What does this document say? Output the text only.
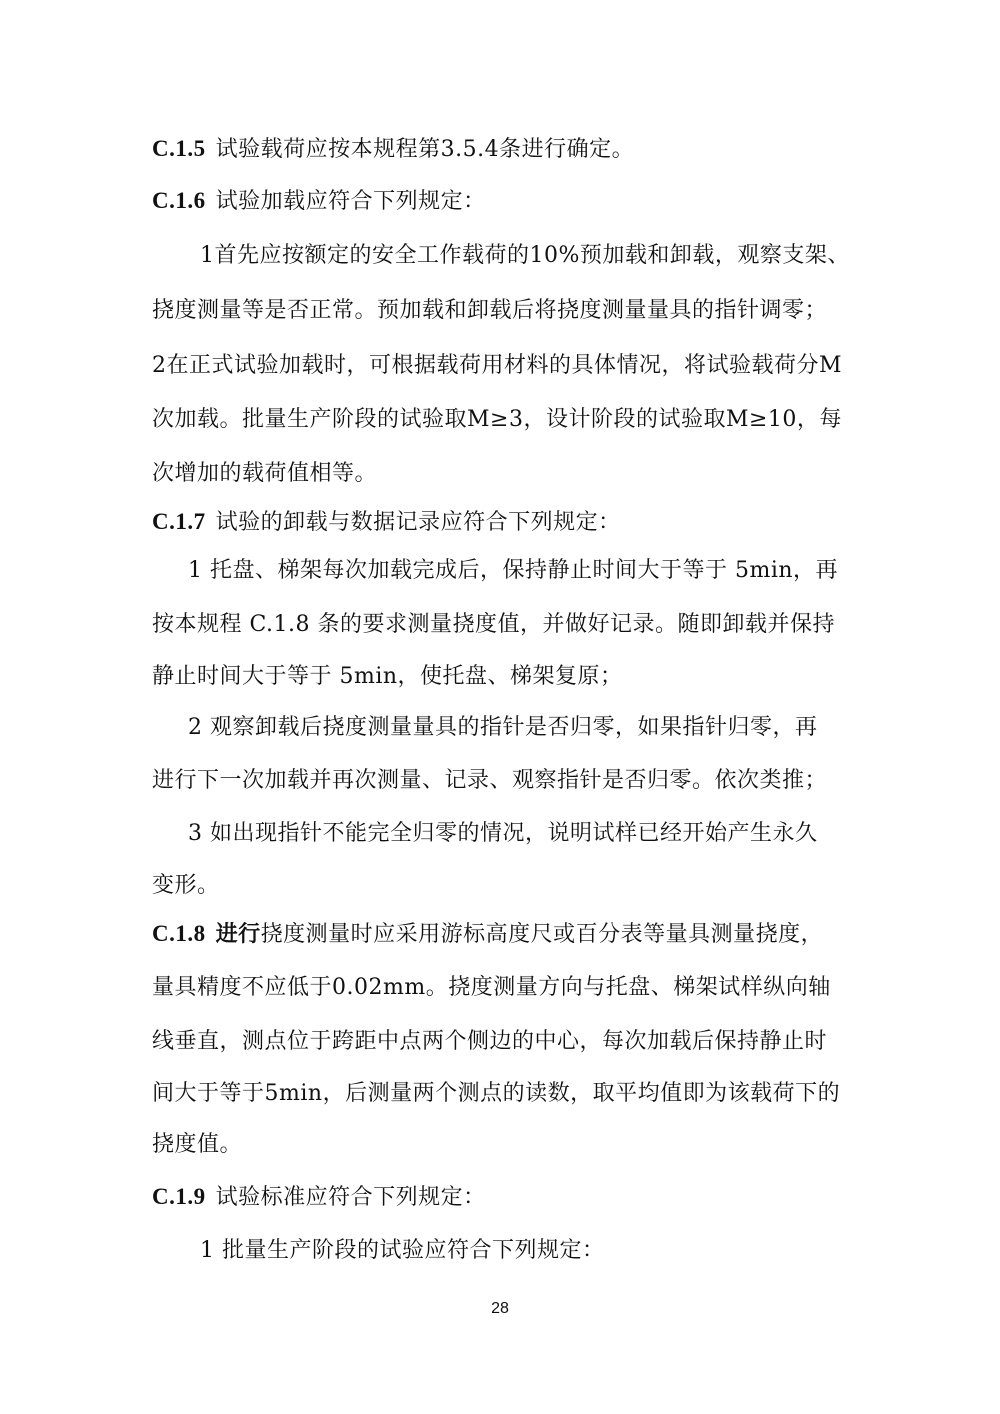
C.1.5 试验载荷应按本规程第3.5.4条进行确定。
C.1.6 试验加载应符合下列规定：
1首先应按额定的安全工作载荷的10%预加载和卸载，观察支架、
挠度测量等是否正常。预加载和卸载后将挠度测量量具的指针调零；
2在正式试验加载时，可根据载荷用材料的具体情况，将试验载荷分M
次加载。批量生产阶段的试验取M≥3，设计阶段的试验取M≥10，每
次增加的载荷值相等。
C.1.7 试验的卸载与数据记录应符合下列规定：
1 托盘、梯架每次加载完成后，保持静止时间大于等于 5min，再
按本规程 C.1.8 条的要求测量挠度值，并做好记录。随即卸载并保持
静止时间大于等于 5min，使托盘、梯架复原；
2 观察卸载后挠度测量量具的指针是否归零，如果指针归零，再
进行下一次加载并再次测量、记录、观察指针是否归零。依次类推；
3 如出现指针不能完全归零的情况，说明试样已经开始产生永久
变形。
C.1.8 进行挠度测量时应采用游标高度尺或百分表等量具测量挠度，
量具精度不应低于0.02mm。挠度测量方向与托盘、梯架试样纵向轴
线垂直，测点位于跨距中点两个侧边的中心，每次加载后保持静止时
间大于等于5min，后测量两个测点的读数，取平均值即为该载荷下的
挠度值。
C.1.9 试验标准应符合下列规定：
1 批量生产阶段的试验应符合下列规定：
28
